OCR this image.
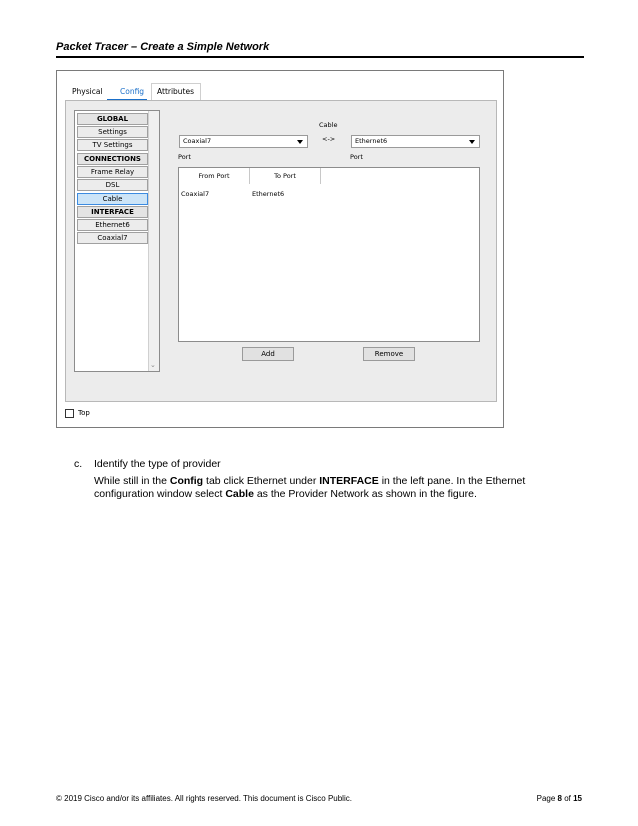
Packet Tracer – Create a Simple Network
Physical Config Attributes
GLOBAL
Settings
TV Settings
CONNECTIONS
Frame Relay
DSL
Cable
INTERFACE
Ethernet6
Coaxial7
⌄
Cable
<->
Coaxial7	Ethernet6
Port	Port
From Port	To Port
Coaxial7	Ethernet6
Add	Remove
Top
c. Identify the type of provider
While still in the Config tab click Ethernet under INTERFACE in the left pane. In the Ethernet configuration window select Cable as the Provider Network as shown in the figure.
© 2019 Cisco and/or its affiliates. All rights reserved. This document is Cisco Public.	Page 8 of 15
